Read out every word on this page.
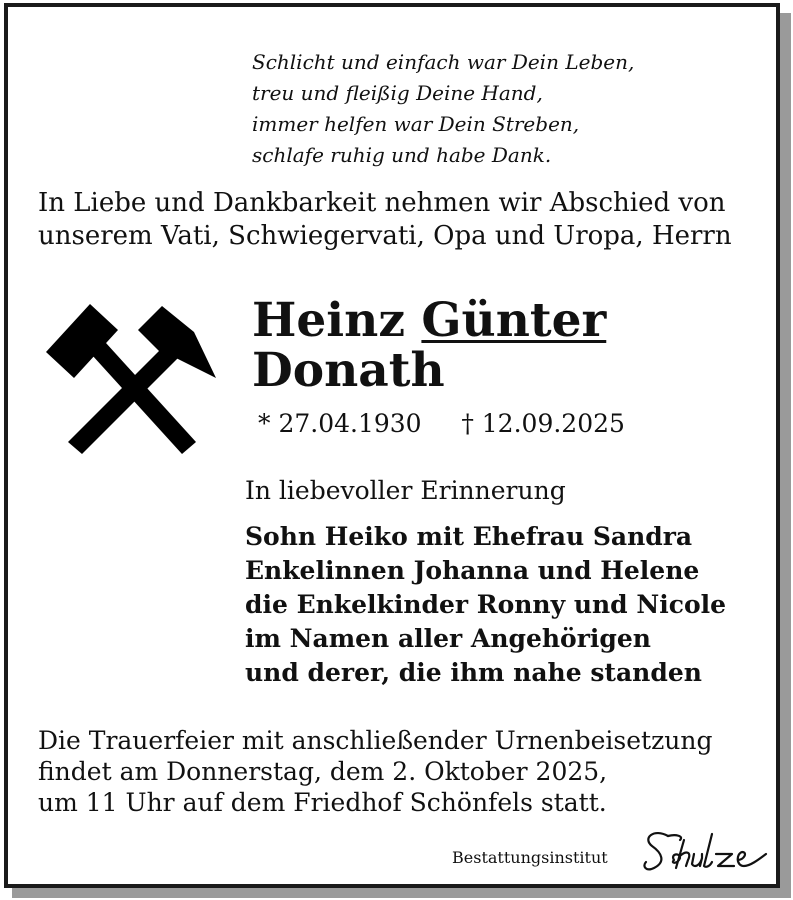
Schlicht und einfach war Dein Leben,
treu und fleißig Deine Hand,
immer helfen war Dein Streben,
schlafe ruhig und habe Dank.
In Liebe und Dankbarkeit nehmen wir Abschied von
unserem Vati, Schwiegervati, Opa und Uropa, Herrn
Heinz Günter
Donath
* 27.04.1930 † 12.09.2025
In liebevoller Erinnerung
Sohn Heiko mit Ehefrau Sandra
Enkelinnen Johanna und Helene
die Enkelkinder Ronny und Nicole
im Namen aller Angehörigen
und derer, die ihm nahe standen
Die Trauerfeier mit anschließender Urnenbeisetzung
findet am Donnerstag, dem 2. Oktober 2025,
um 11 Uhr auf dem Friedhof Schönfels statt.
Bestattungsinstitut
